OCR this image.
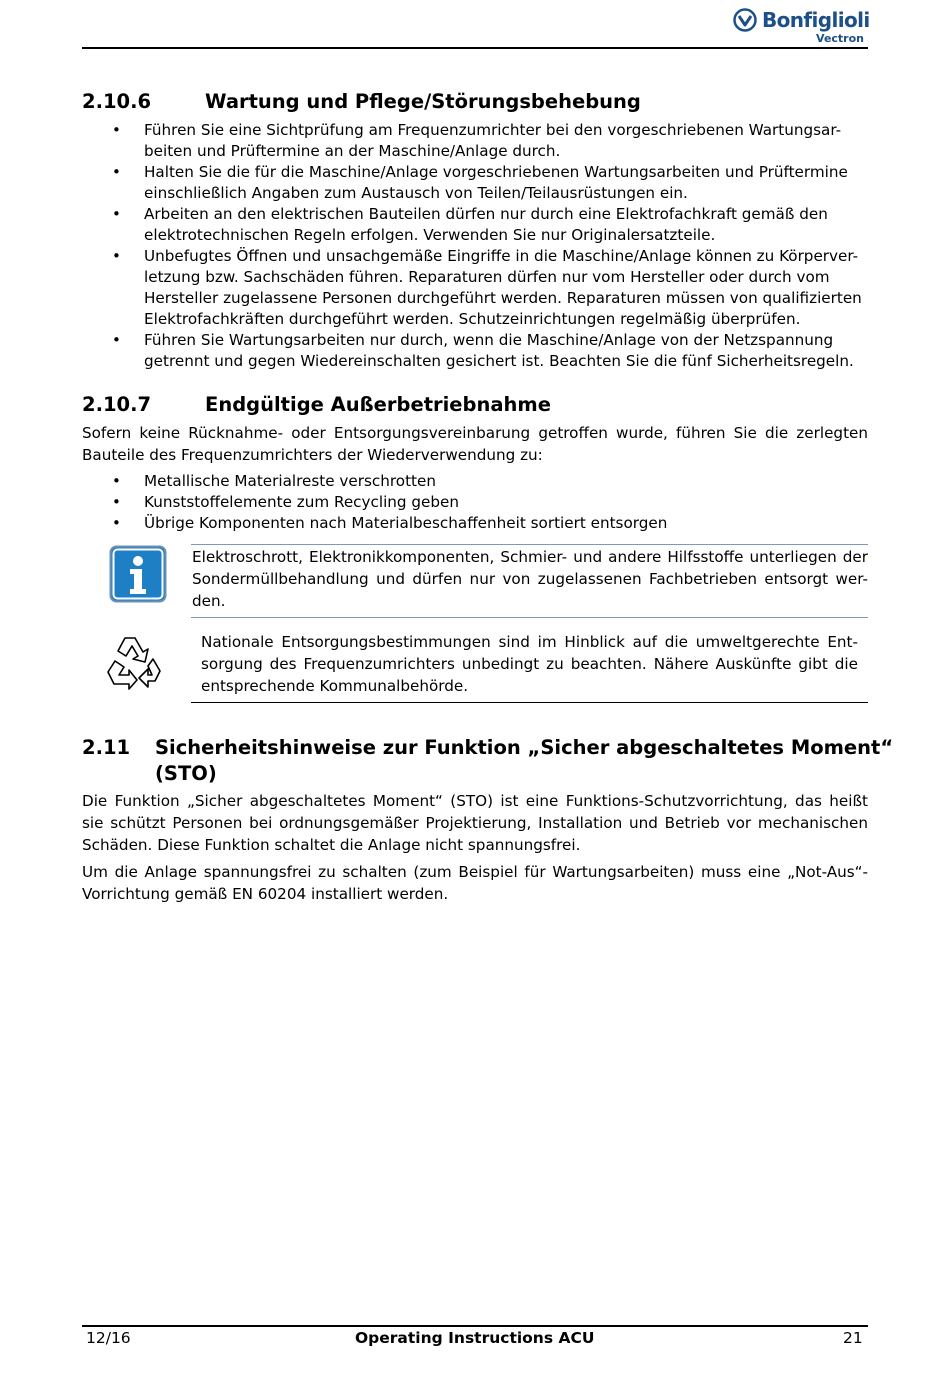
Bonfiglioli
Vectron
2.10.6	Wartung und Pflege/Störungsbehebung
• Führen Sie eine Sichtprüfung am Frequenzumrichter bei den vorgeschriebenen Wartungsar-beiten und Prüftermine an der Maschine/Anlage durch.
• Halten Sie die für die Maschine/Anlage vorgeschriebenen Wartungsarbeiten und Prüftermine einschließlich Angaben zum Austausch von Teilen/Teilausrüstungen ein.
• Arbeiten an den elektrischen Bauteilen dürfen nur durch eine Elektrofachkraft gemäß den elektrotechnischen Regeln erfolgen. Verwenden Sie nur Originalersatzteile.
• Unbefugtes Öffnen und unsachgemäße Eingriffe in die Maschine/Anlage können zu Körperver-letzung bzw. Sachschäden führen. Reparaturen dürfen nur vom Hersteller oder durch vom Hersteller zugelassene Personen durchgeführt werden. Reparaturen müssen von qualifizierten Elektrofachkräften durchgeführt werden. Schutzeinrichtungen regelmäßig überprüfen.
• Führen Sie Wartungsarbeiten nur durch, wenn die Maschine/Anlage von der Netzspannung getrennt und gegen Wiedereinschalten gesichert ist. Beachten Sie die fünf Sicherheitsregeln.
2.10.7	Endgültige Außerbetriebnahme
Sofern keine Rücknahme- oder Entsorgungsvereinbarung getroffen wurde, führen Sie die zerlegten Bauteile des Frequenzumrichters der Wiederverwendung zu:
• Metallische Materialreste verschrotten
• Kunststoffelemente zum Recycling geben
• Übrige Komponenten nach Materialbeschaffenheit sortiert entsorgen
Elektroschrott, Elektronikkomponenten, Schmier- und andere Hilfsstoffe unterliegen der Sondermüllbehandlung und dürfen nur von zugelassenen Fachbetrieben entsorgt wer-den.
Nationale Entsorgungsbestimmungen sind im Hinblick auf die umweltgerechte Ent-sorgung des Frequenzumrichters unbedingt zu beachten. Nähere Auskünfte gibt die entsprechende Kommunalbehörde.
2.11 Sicherheitshinweise zur Funktion „Sicher abgeschaltetes Moment“
(STO)
Die Funktion „Sicher abgeschaltetes Moment“ (STO) ist eine Funktions-Schutzvorrichtung, das heißt sie schützt Personen bei ordnungsgemäßer Projektierung, Installation und Betrieb vor mechanischen Schäden. Diese Funktion schaltet die Anlage nicht spannungsfrei.
Um die Anlage spannungsfrei zu schalten (zum Beispiel für Wartungsarbeiten) muss eine „Not-Aus“-Vorrichtung gemäß EN 60204 installiert werden.
12/16	Operating Instructions ACU	21
